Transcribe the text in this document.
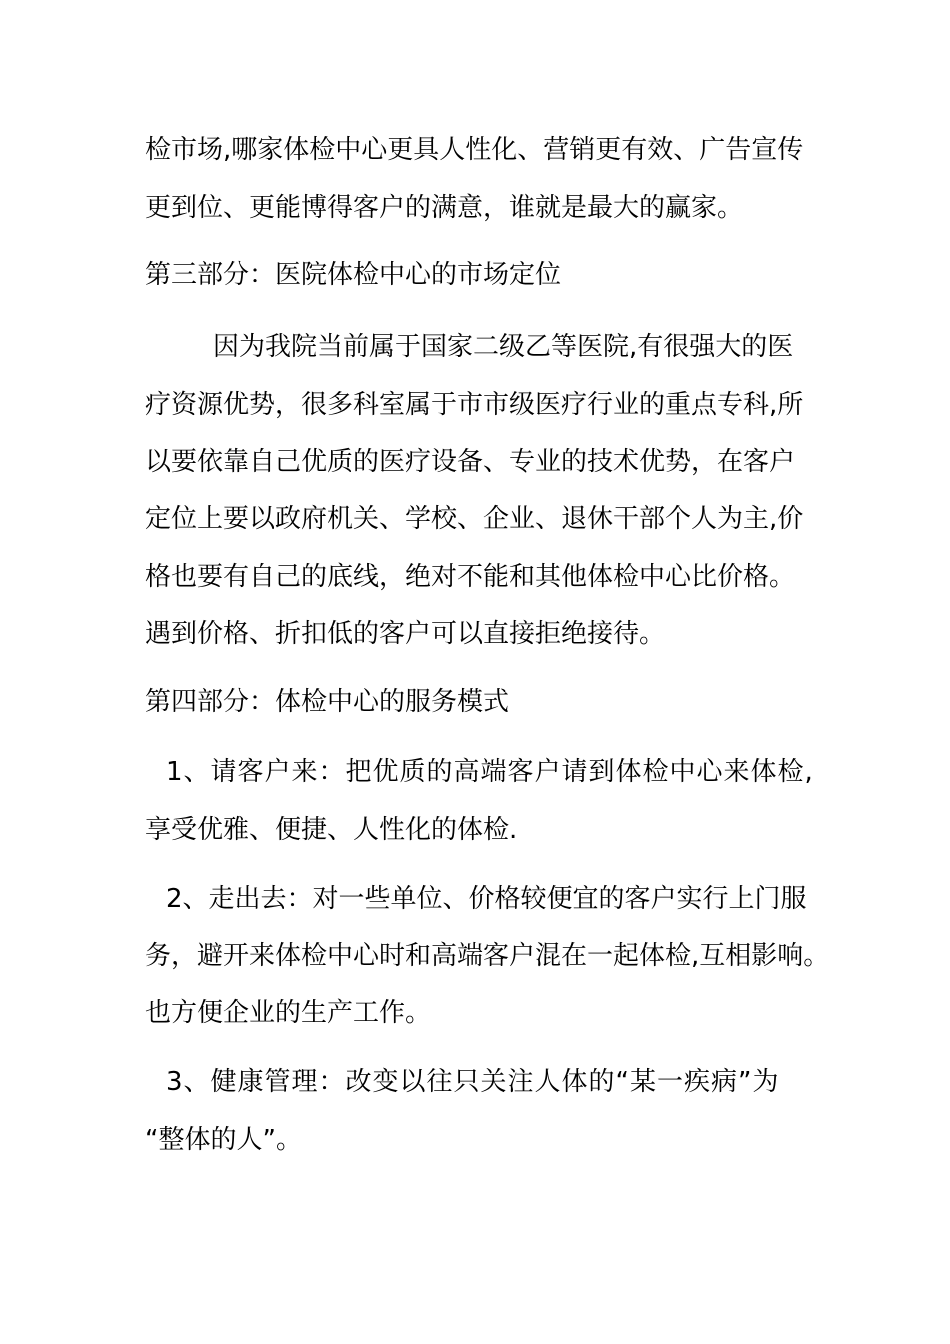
检市场,哪家体检中心更具人性化、营销更有效、广告宣传
更到位、更能博得客户的满意，谁就是最大的赢家。
第三部分：医院体检中心的市场定位
因为我院当前属于国家二级乙等医院,有很强大的医
疗资源优势，很多科室属于市市级医疗行业的重点专科,所
以要依靠自己优质的医疗设备、专业的技术优势，在客户
定位上要以政府机关、学校、企业、退休干部个人为主,价
格也要有自己的底线，绝对不能和其他体检中心比价格。
遇到价格、折扣低的客户可以直接拒绝接待。
第四部分：体检中心的服务模式
1、请客户来：把优质的高端客户请到体检中心来体检,
享受优雅、便捷、人性化的体检.
2、走出去：对一些单位、价格较便宜的客户实行上门服
务，避开来体检中心时和高端客户混在一起体检,互相影响。
也方便企业的生产工作。
3、健康管理：改变以往只关注人体的“某一疾病”为
“整体的人”。
